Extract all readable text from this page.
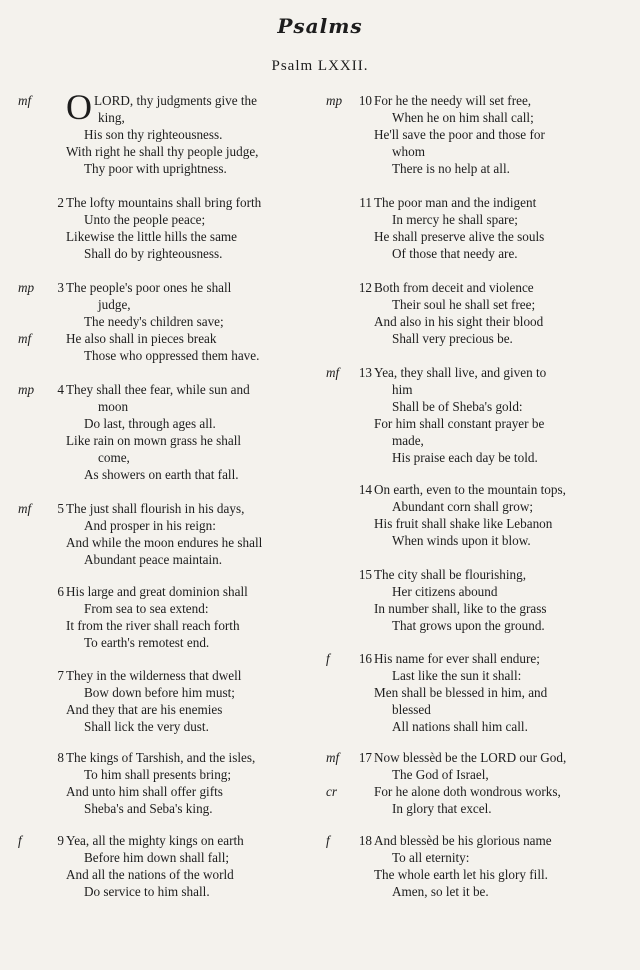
Psalms
Psalm LXXII.
mf O LORD, thy judgments give the
king,
His son thy righteousness.
With right he shall thy people judge,
Thy poor with uprightness.
2 The lofty mountains shall bring forth
Unto the people peace;
Likewise the little hills the same
Shall do by righteousness.
mp	3 The people's poor ones he shall
judge,
The needy's children save;
mf	He also shall in pieces break
Those who oppressed them have.
mp	4 They shall thee fear, while sun and
moon
Do last, through ages all.
Like rain on mown grass he shall
come,
As showers on earth that fall.
mf	5 The just shall flourish in his days,
And prosper in his reign:
And while the moon endures he shall
Abundant peace maintain.
6 His large and great dominion shall
From sea to sea extend:
It from the river shall reach forth
To earth's remotest end.
7 They in the wilderness that dwell
Bow down before him must;
And they that are his enemies
Shall lick the very dust.
8 The kings of Tarshish, and the isles,
To him shall presents bring;
And unto him shall offer gifts
Sheba's and Seba's king.
f	9 Yea, all the mighty kings on earth
Before him down shall fall;
And all the nations of the world
Do service to him shall.
mp	10 For he the needy will set free,
When he on him shall call;
He'll save the poor and those for
whom
There is no help at all.
11 The poor man and the indigent
In mercy he shall spare;
He shall preserve alive the souls
Of those that needy are.
12 Both from deceit and violence
Their soul he shall set free;
And also in his sight their blood
Shall very precious be.
mf	13 Yea, they shall live, and given to
him
Shall be of Sheba's gold:
For him shall constant prayer be
made,
His praise each day be told.
14 On earth, even to the mountain tops,
Abundant corn shall grow;
His fruit shall shake like Lebanon
When winds upon it blow.
15 The city shall be flourishing,
Her citizens abound
In number shall, like to the grass
That grows upon the ground.
f	16 His name for ever shall endure;
Last like the sun it shall:
Men shall be blessed in him, and
blessed
All nations shall him call.
mf	17 Now blessèd be the LORD our God,
The God of Israel,
cr	For he alone doth wondrous works,
In glory that excel.
f	18 And blessèd be his glorious name
To all eternity:
The whole earth let his glory fill.
Amen, so let it be.
